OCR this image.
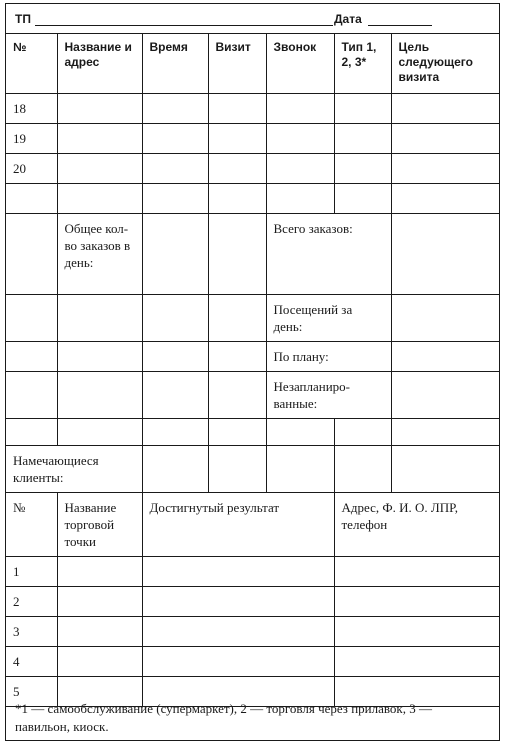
ТП	Дата
№	Название и адрес	Время	Визит	Звонок	Тип 1, 2, 3*	Цель следующего визита
18						
19						
20						

	Общее кол-во заказов в день:			Всего заказов:		
				Посещений за день:		
				По плану:		
				Незапланиро-ванные:		

Намечающиеся клиенты:						
№	Название торговой точки	Достигнутый результат			Адрес, Ф. И. О. ЛПР, телефон	
1						
2						
3						
4						
5						
*1 — самообслуживание (супермаркет), 2 — торговля через прилавок, 3 — павильон, киоск.
